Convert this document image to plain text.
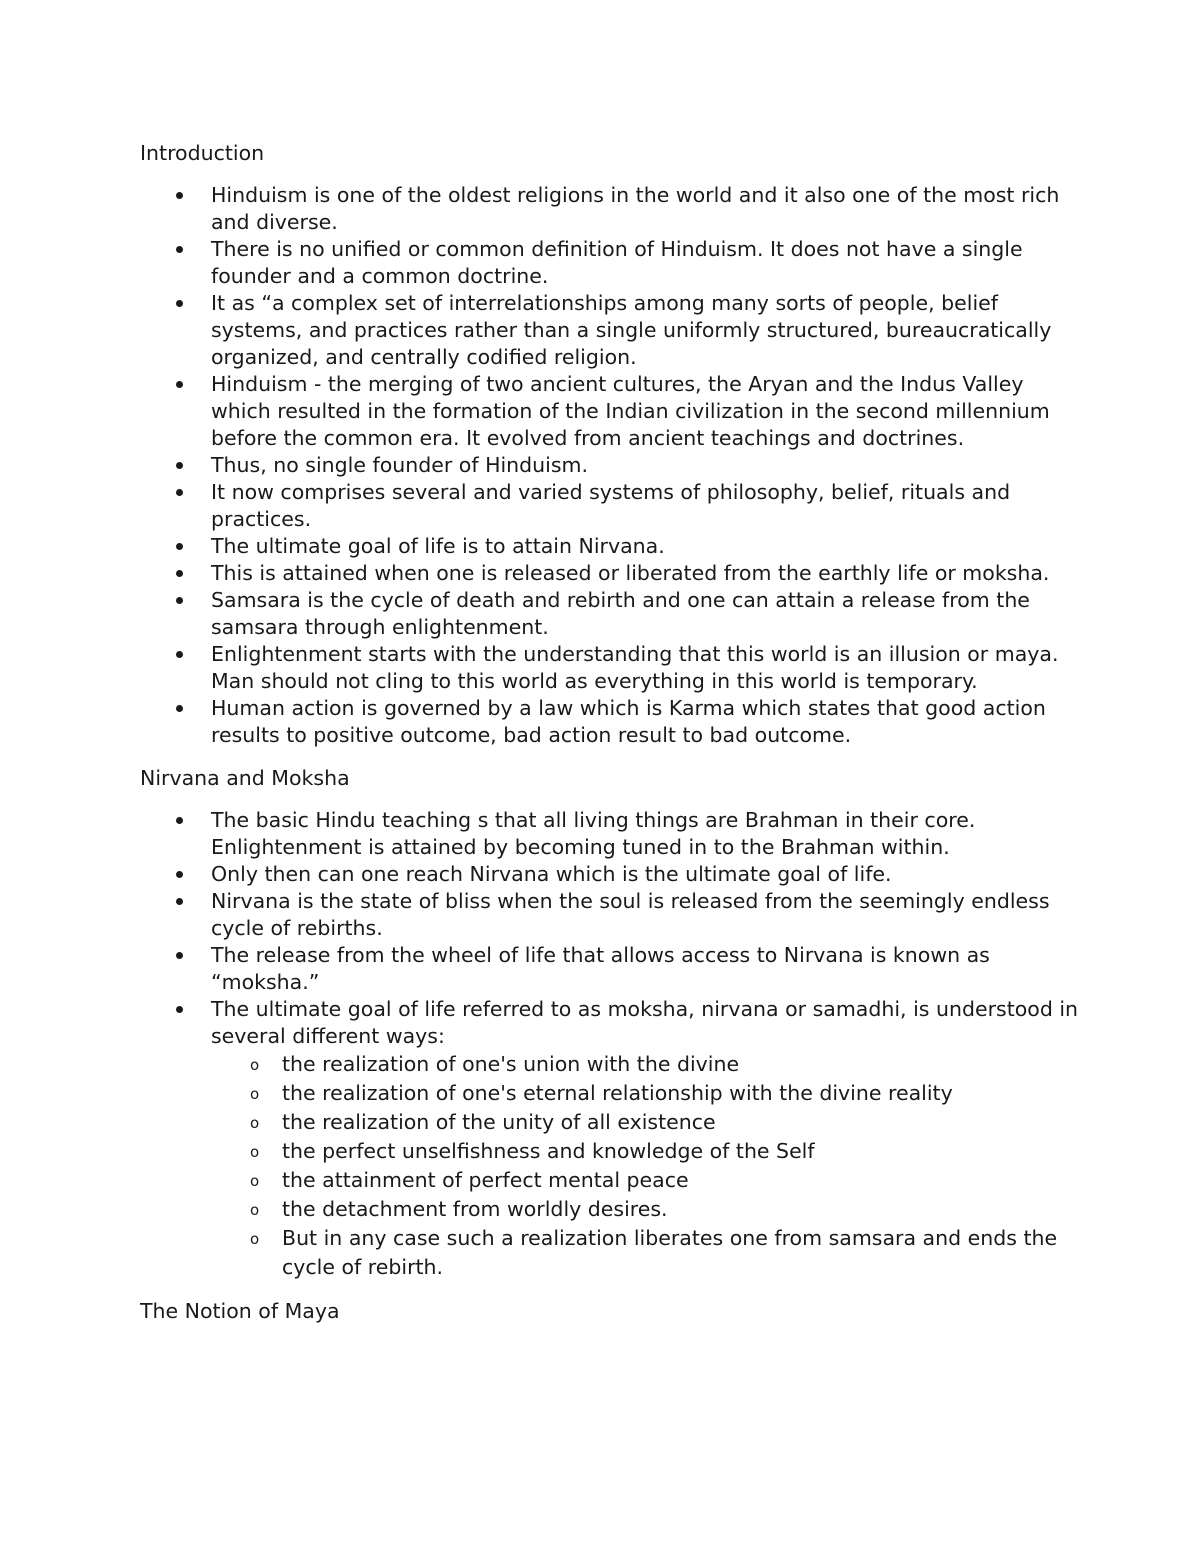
Introduction
Hinduism is one of the oldest religions in the world and it also one of the most rich and diverse.
There is no unified or common definition of Hinduism. It does not have a single founder and a common doctrine.
It as “a complex set of interrelationships among many sorts of people, belief systems, and practices rather than a single uniformly structured, bureaucratically organized, and centrally codified religion.
Hinduism - the merging of two ancient cultures, the Aryan and the Indus Valley which resulted in the formation of the Indian civilization in the second millennium before the common era. It evolved from ancient teachings and doctrines.
Thus, no single founder of Hinduism.
It now comprises several and varied systems of philosophy, belief, rituals and practices.
The ultimate goal of life is to attain Nirvana.
This is attained when one is released or liberated from the earthly life or moksha.
Samsara is the cycle of death and rebirth and one can attain a release from the samsara through enlightenment.
Enlightenment starts with the understanding that this world is an illusion or maya. Man should not cling to this world as everything in this world is temporary.
Human action is governed by a law which is Karma which states that good action results to positive outcome, bad action result to bad outcome.
Nirvana and Moksha
The basic Hindu teaching s that all living things are Brahman in their core. Enlightenment is attained by becoming tuned in to the Brahman within.
Only then can one reach Nirvana which is the ultimate goal of life.
Nirvana is the state of bliss when the soul is released from the seemingly endless cycle of rebirths.
The release from the wheel of life that allows access to Nirvana is known as “moksha.”
The ultimate goal of life referred to as moksha, nirvana or samadhi, is understood in several different ways:
o the realization of one's union with the divine
o the realization of one's eternal relationship with the divine reality
o the realization of the unity of all existence
o the perfect unselfishness and knowledge of the Self
o the attainment of perfect mental peace
o the detachment from worldly desires.
o But in any case such a realization liberates one from samsara and ends the cycle of rebirth.
The Notion of Maya
